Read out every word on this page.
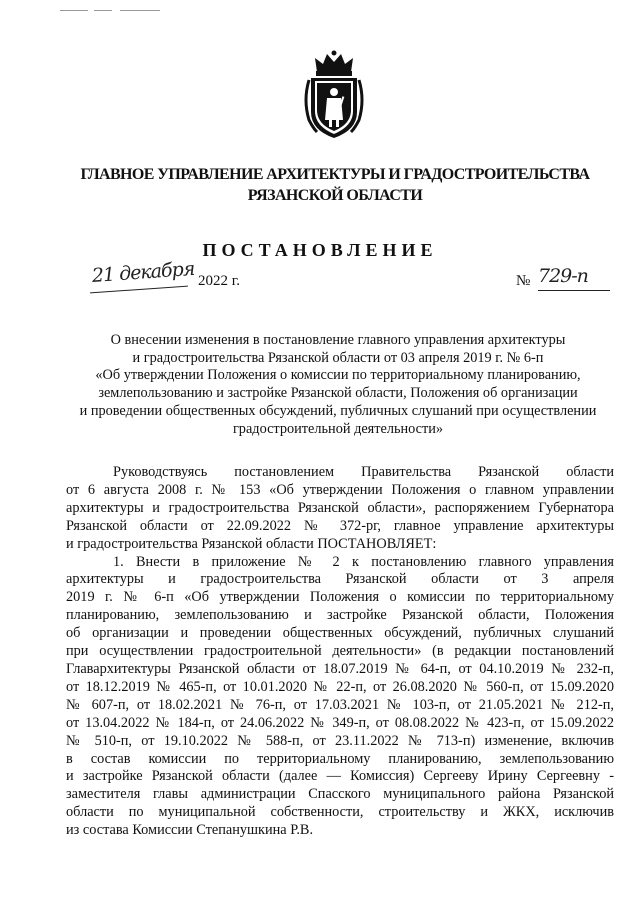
ГЛАВНОЕ УПРАВЛЕНИЕ АРХИТЕКТУРЫ И ГРАДОСТРОИТЕЛЬСТВА
РЯЗАНСКОЙ ОБЛАСТИ
ПОСТАНОВЛЕНИЕ
21 декабря 2022 г.	№ 729-п
О внесении изменения в постановление главного управления архитектуры
и градостроительства Рязанской области от 03 апреля 2019 г. № 6-п
«Об утверждении Положения о комиссии по территориальному планированию,
землепользованию и застройке Рязанской области, Положения об организации
и проведении общественных обсуждений, публичных слушаний при осуществлении
градостроительной деятельности»
Руководствуясь постановлением Правительства Рязанской области
от 6 августа 2008 г. № 153 «Об утверждении Положения о главном управлении
архитектуры и градостроительства Рязанской области», распоряжением Губернатора
Рязанской области от 22.09.2022 № 372-рг, главное управление архитектуры
и градостроительства Рязанской области ПОСТАНОВЛЯЕТ:
1. Внести в приложение № 2 к постановлению главного управления
архитектуры и градостроительства Рязанской области от 3 апреля
2019 г. № 6-п «Об утверждении Положения о комиссии по территориальному
планированию, землепользованию и застройке Рязанской области, Положения
об организации и проведении общественных обсуждений, публичных слушаний
при осуществлении градостроительной деятельности» (в редакции постановлений
Главархитектуры Рязанской области от 18.07.2019 № 64-п, от 04.10.2019 № 232-п,
от 18.12.2019 № 465-п, от 10.01.2020 № 22-п, от 26.08.2020 № 560-п, от 15.09.2020
№ 607-п, от 18.02.2021 № 76-п, от 17.03.2021 № 103-п, от 21.05.2021 № 212-п,
от 13.04.2022 № 184-п, от 24.06.2022 № 349-п, от 08.08.2022 № 423-п, от 15.09.2022
№ 510-п, от 19.10.2022 № 588-п, от 23.11.2022 № 713-п) изменение, включив
в состав комиссии по территориальному планированию, землепользованию
и застройке Рязанской области (далее — Комиссия) Сергееву Ирину Сергеевну -
заместителя главы администрации Спасского муниципального района Рязанской
области по муниципальной собственности, строительству и ЖКХ, исключив
из состава Комиссии Степанушкина Р.В.
